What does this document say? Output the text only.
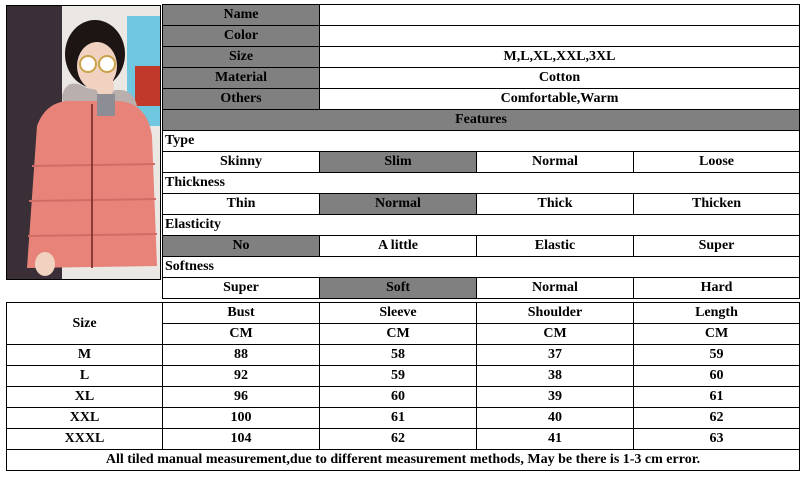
Name			
Color			
Size	M,L,XL,XXL,3XL		
Material	Cotton		
Others	Comfortable,Warm		
Features			
Type			
Skinny	Slim	Normal	Loose
Thickness			
Thin	Normal	Thick	Thicken
Elasticity			
No	A little	Elastic	Super
Softness			
Super	Soft	Normal	Hard
Size	Bust	Sleeve	Shoulder	Length
	CM	CM	CM	CM
M	88	58	37	59
L	92	59	38	60
XL	96	60	39	61
XXL	100	61	40	62
XXXL	104	62	41	63
All tiled manual measurement,due to different measurement methods, May be there is 1-3 cm error.				
